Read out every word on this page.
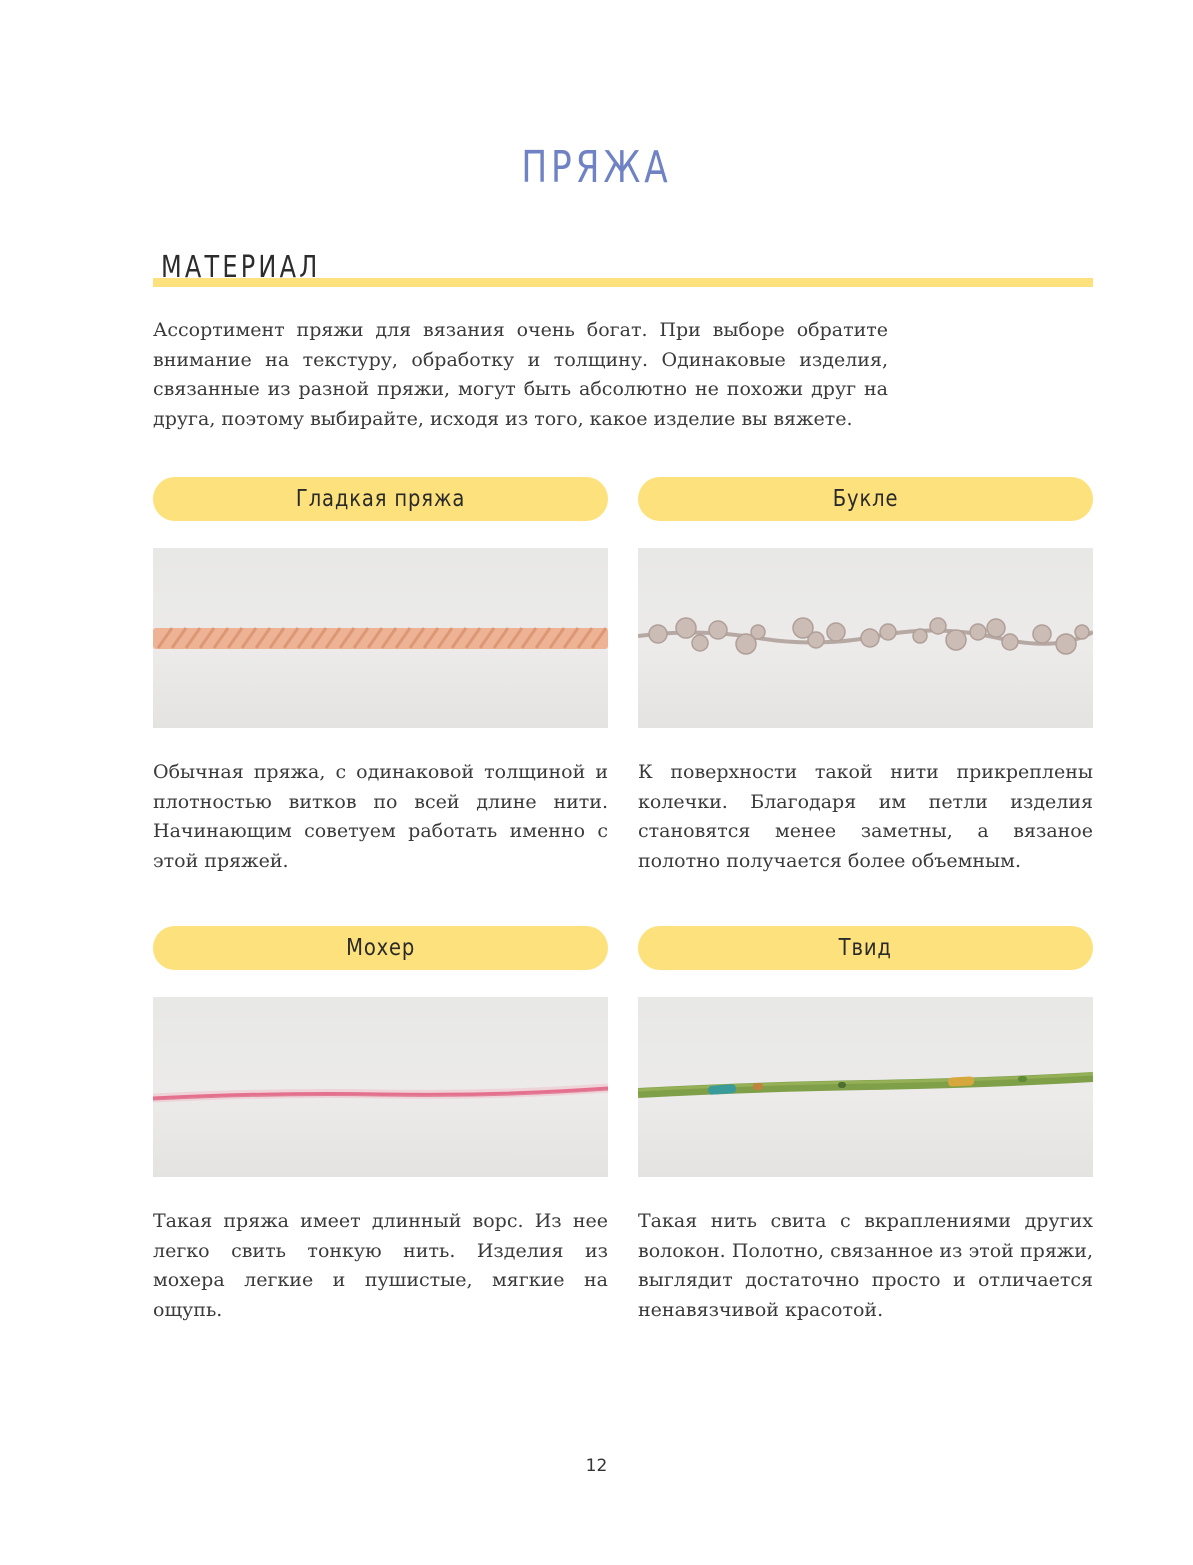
ПРЯЖА
МАТЕРИАЛ
Ассортимент пряжи для вязания очень богат. При выборе обратите внимание на текстуру, обработку и толщину. Одинаковые изделия, связанные из разной пряжи, могут быть абсолютно не похожи друг на друга, поэтому выбирайте, исходя из того, какое изделие вы вяжете.
Гладкая пряжа
Обычная пряжа, с одинаковой толщиной и плотностью витков по всей длине нити. Начинающим советуем работать именно с этой пряжей.
Букле
К поверхности такой нити прикреплены колечки. Благодаря им петли изделия становятся менее заметны, а вязаное полотно получается более объемным.
Мохер
Такая пряжа имеет длинный ворс. Из нее легко свить тонкую нить. Изделия из мохера легкие и пушистые, мягкие на ощупь.
Твид
Такая нить свита с вкраплениями других волокон. Полотно, связанное из этой пряжи, выглядит достаточно просто и отличается ненавязчивой красотой.
12
